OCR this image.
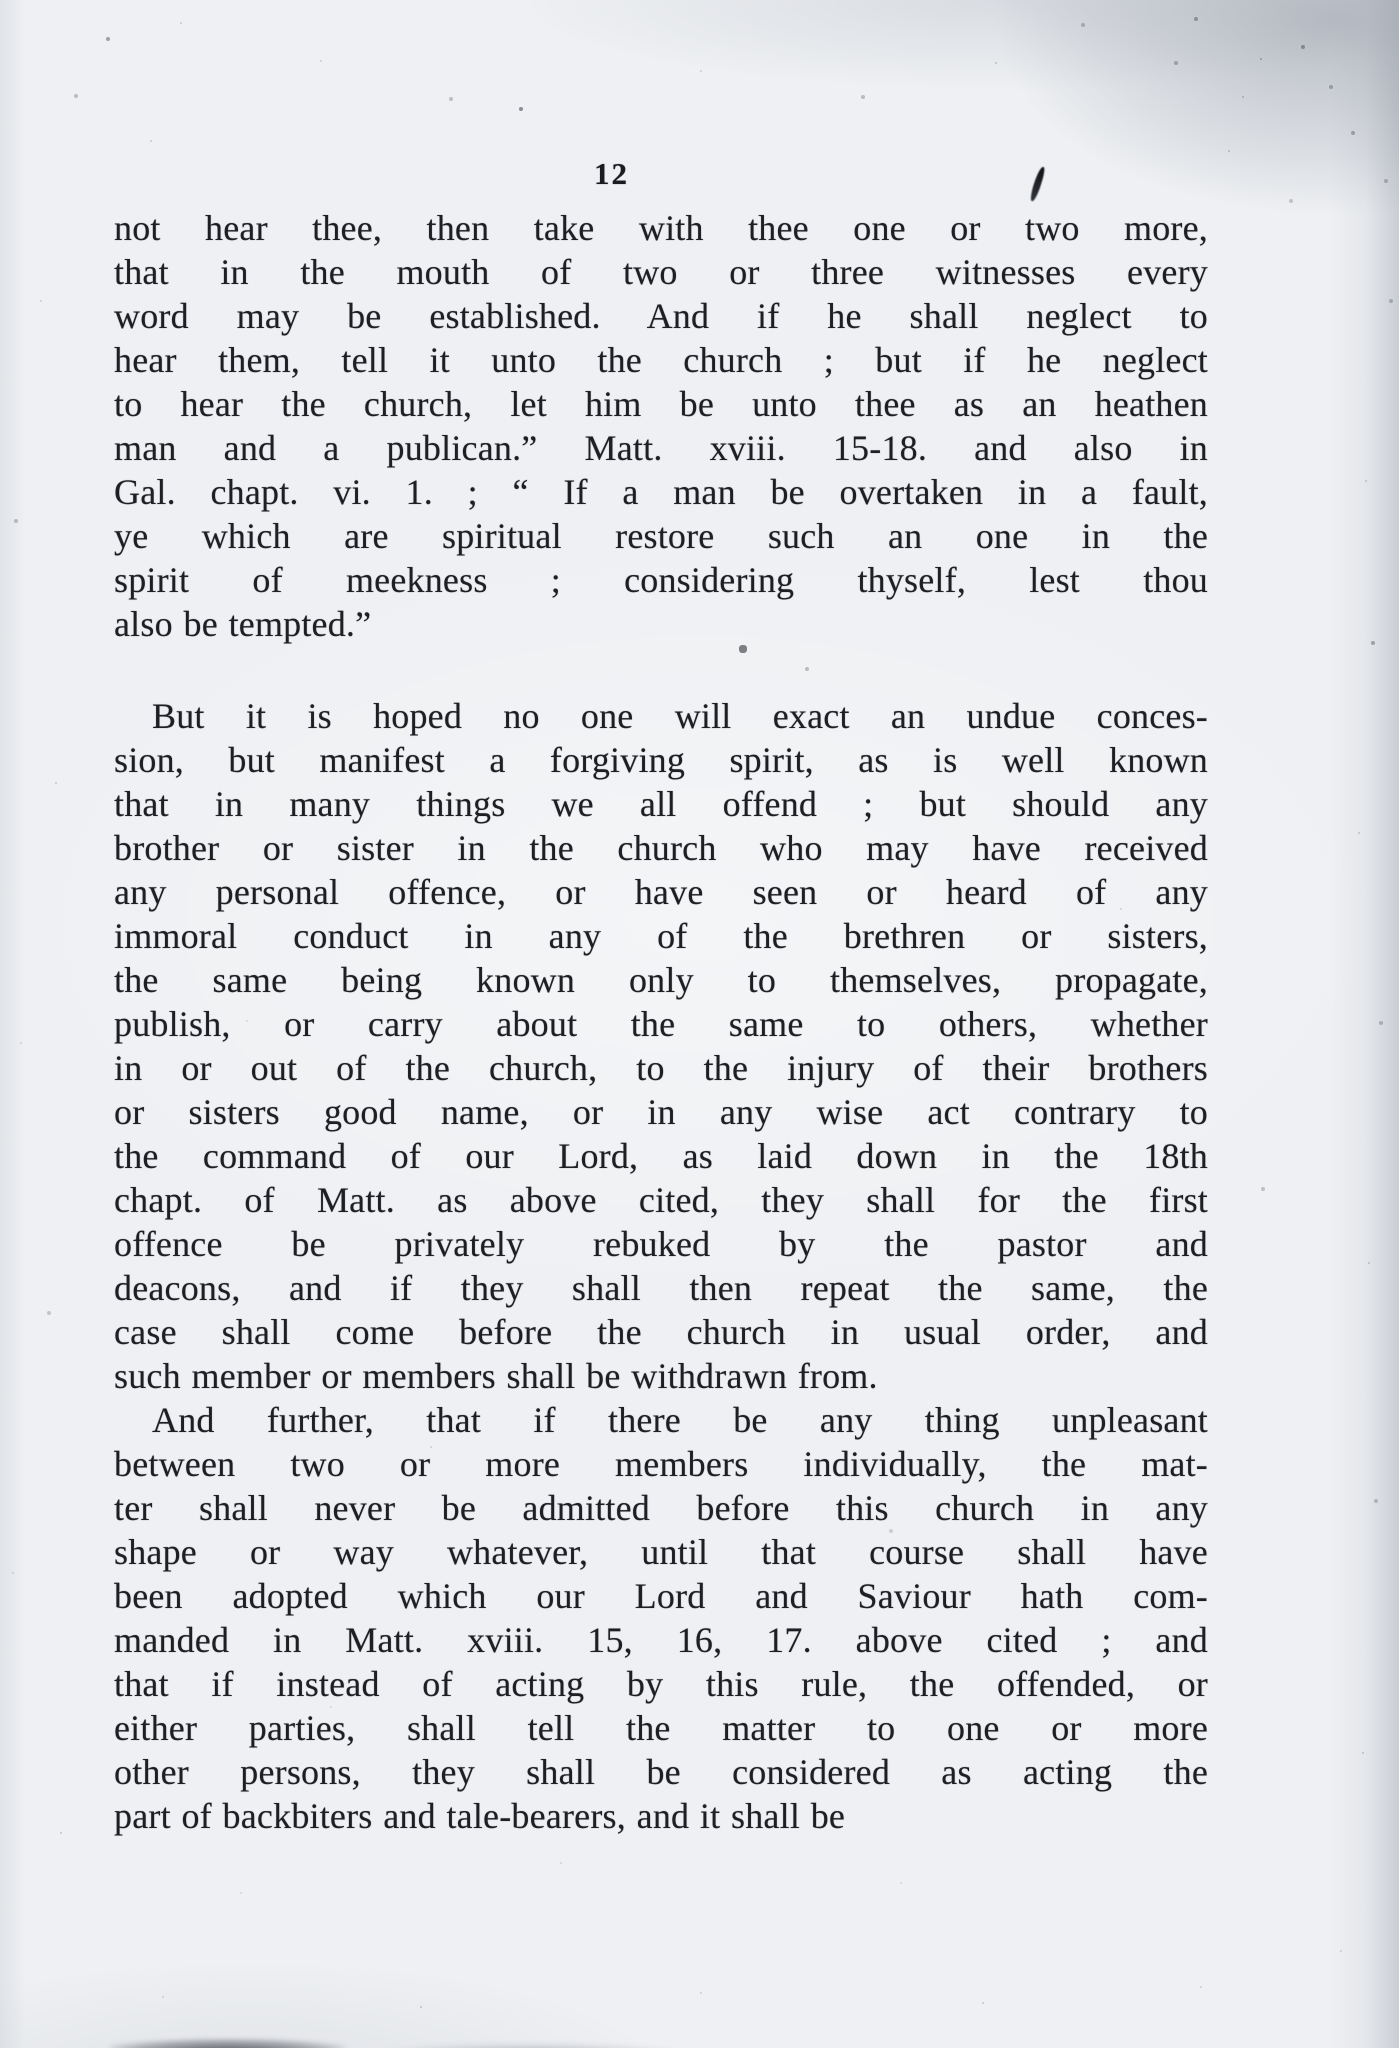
12
not hear thee, then take with thee one or two more,
that in the mouth of two or three witnesses every
word may be established. And if he shall neglect to
hear them, tell it unto the church ; but if he neglect
to hear the church, let him be unto thee as an heathen
man and a publican.” Matt. xviii. 15-18. and also in
Gal. chapt. vi. 1. ; “ If a man be overtaken in a fault,
ye which are spiritual restore such an one in the
spirit of meekness ; considering thyself, lest thou
also be tempted.”
But it is hoped no one will exact an undue conces-
sion, but manifest a forgiving spirit, as is well known
that in many things we all offend ; but should any
brother or sister in the church who may have received
any personal offence, or have seen or heard of any
immoral conduct in any of the brethren or sisters,
the same being known only to themselves, propagate,
publish, or carry about the same to others, whether
in or out of the church, to the injury of their brothers
or sisters good name, or in any wise act contrary to
the command of our Lord, as laid down in the 18th
chapt. of Matt. as above cited, they shall for the first
offence be privately rebuked by the pastor and
deacons, and if they shall then repeat the same, the
case shall come before the church in usual order, and
such member or members shall be withdrawn from.
And further, that if there be any thing unpleasant
between two or more members individually, the mat-
ter shall never be admitted before this church in any
shape or way whatever, until that course shall have
been adopted which our Lord and Saviour hath com-
manded in Matt. xviii. 15, 16, 17. above cited ; and
that if instead of acting by this rule, the offended, or
either parties, shall tell the matter to one or more
other persons, they shall be considered as acting the
part of backbiters and tale-bearers, and it shall be
